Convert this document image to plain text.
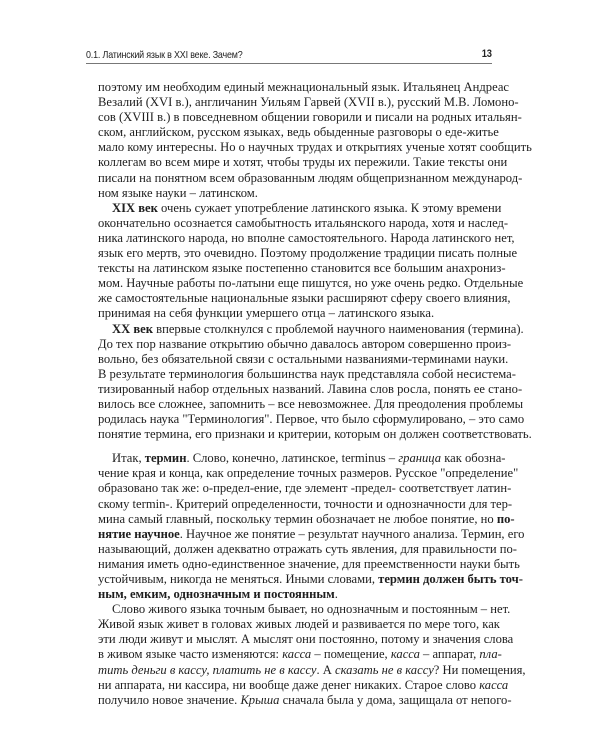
0.1. Латинский язык в XXI веке. Зачем?	13
поэтому им необходим единый межнациональный язык. Итальянец Андреас
Везалий (XVI в.), англичанин Уильям Гарвей (XVII в.), русский М.В. Ломоно-
сов (XVIII в.) в повседневном общении говорили и писали на родных итальян-
ском, английском, русском языках, ведь обыденные разговоры о еде-житье
мало кому интересны. Но о научных трудах и открытиях ученые хотят сообщить
коллегам во всем мире и хотят, чтобы труды их пережили. Такие тексты они
писали на понятном всем образованным людям общепризнанном международ-
ном языке науки – латинском.
XIX век очень сужает употребление латинского языка. К этому времени
окончательно осознается самобытность итальянского народа, хотя и наслед-
ника латинского народа, но вполне самостоятельного. Народа латинского нет,
язык его мертв, это очевидно. Поэтому продолжение традиции писать полные
тексты на латинском языке постепенно становится все большим анахрониз-
мом. Научные работы по-латыни еще пишутся, но уже очень редко. Отдельные
же самостоятельные национальные языки расширяют сферу своего влияния,
принимая на себя функции умершего отца – латинского языка.
XX век впервые столкнулся с проблемой научного наименования (термина).
До тех пор название открытию обычно давалось автором совершенно произ-
вольно, без обязательной связи с остальными названиями-терминами науки.
В результате терминология большинства наук представляла собой несистема-
тизированный набор отдельных названий. Лавина слов росла, понять ее стано-
вилось все сложнее, запомнить – все невозможнее. Для преодоления проблемы
родилась наука "Терминология". Первое, что было сформулировано, – это само
понятие термина, его признаки и критерии, которым он должен соответствовать.
Итак, термин. Слово, конечно, латинское, terminus – граница как обозна-
чение края и конца, как определение точных размеров. Русское "определение"
образовано так же: о-предел-ение, где элемент -предел- соответствует латин-
скому termin-. Критерий определенности, точности и однозначности для тер-
мина самый главный, поскольку термин обозначает не любое понятие, но по-
нятие научное. Научное же понятие – результат научного анализа. Термин, его
называющий, должен адекватно отражать суть явления, для правильности по-
нимания иметь одно-единственное значение, для преемственности науки быть
устойчивым, никогда не меняться. Иными словами, термин должен быть точ-
ным, емким, однозначным и постоянным.
Слово живого языка точным бывает, но однозначным и постоянным – нет.
Живой язык живет в головах живых людей и развивается по мере того, как
эти люди живут и мыслят. А мыслят они постоянно, потому и значения слова
в живом языке часто изменяются: касса – помещение, касса – аппарат, пла-
тить деньги в кассу, платить не в кассу. А сказать не в кассу? Ни помещения,
ни аппарата, ни кассира, ни вообще даже денег никаких. Старое слово касса
получило новое значение. Крыша сначала была у дома, защищала от непого-
